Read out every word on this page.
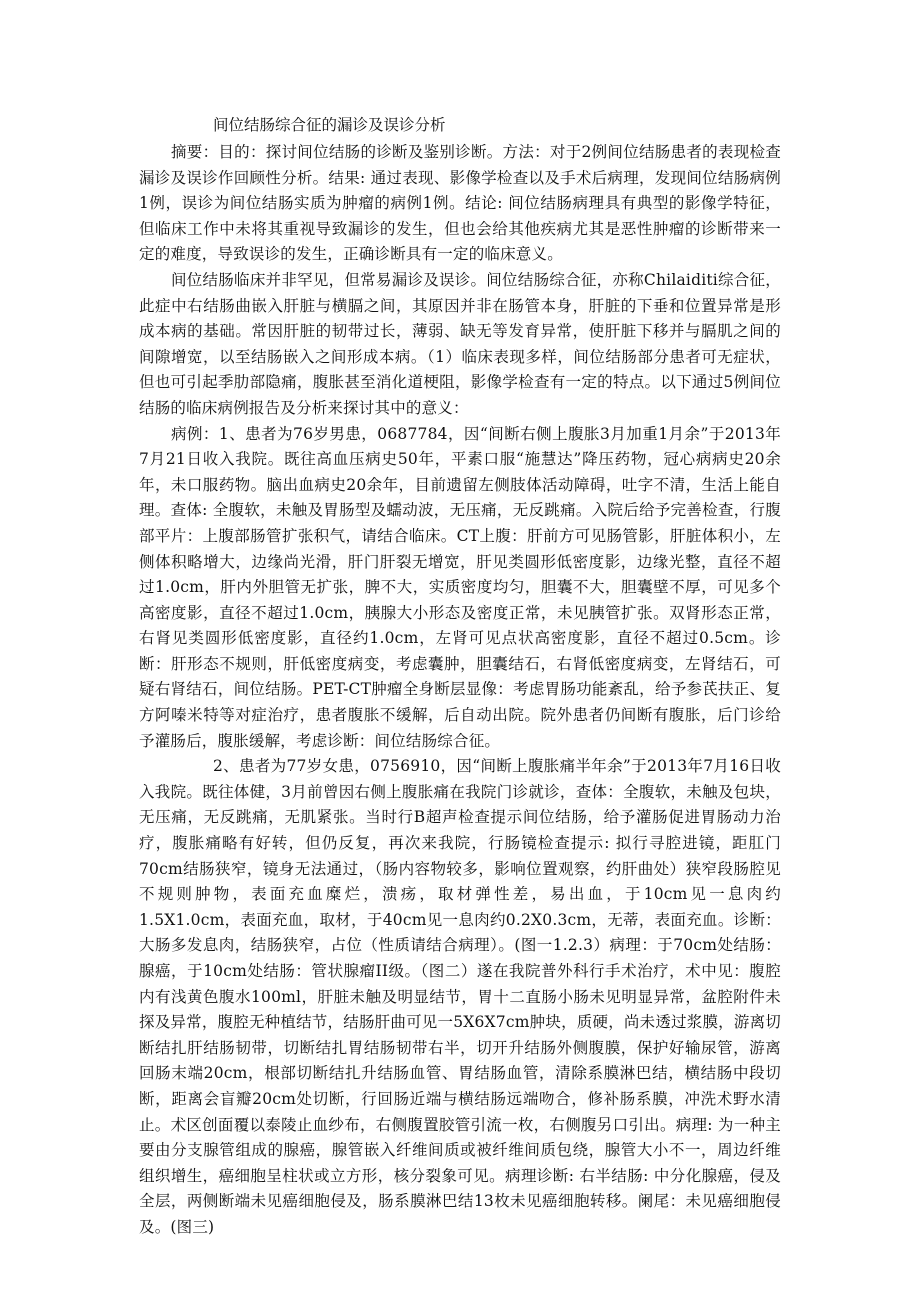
间位结肠综合征的漏诊及误诊分析

摘要：目的：探讨间位结肠的诊断及鉴别诊断。方法：对于2例间位结肠患者的表现检查漏诊及误诊作回顾性分析。结果: 通过表现、影像学检查以及手术后病理，发现间位结肠病例1例，误诊为间位结肠实质为肿瘤的病例1例。结论: 间位结肠病理具有典型的影像学特征，但临床工作中未将其重视导致漏诊的发生，但也会给其他疾病尤其是恶性肿瘤的诊断带来一定的难度，导致误诊的发生，正确诊断具有一定的临床意义。

间位结肠临床并非罕见，但常易漏诊及误诊。间位结肠综合征，亦称Chilaiditi综合征，此症中右结肠曲嵌入肝脏与横膈之间，其原因并非在肠管本身，肝脏的下垂和位置异常是形成本病的基础。常因肝脏的韧带过长，薄弱、缺无等发育异常，使肝脏下移并与膈肌之间的间隙增宽，以至结肠嵌入之间形成本病。（1）临床表现多样，间位结肠部分患者可无症状，但也可引起季肋部隐痛，腹胀甚至消化道梗阻，影像学检查有一定的特点。以下通过5例间位结肠的临床病例报告及分析来探讨其中的意义：

病例：1、患者为76岁男患，0687784，因“间断右侧上腹胀3月加重1月余”于2013年7月21日收入我院。既往高血压病史50年，平素口服“施慧达”降压药物，冠心病病史20余年，未口服药物。脑出血病史20余年，目前遗留左侧肢体活动障碍，吐字不清，生活上能自理。查体: 全腹软，未触及胃肠型及蠕动波，无压痛，无反跳痛。入院后给予完善检查，行腹部平片：上腹部肠管扩张积气，请结合临床。CT上腹：肝前方可见肠管影，肝脏体积小，左侧体积略增大，边缘尚光滑，肝门肝裂无增宽，肝见类圆形低密度影，边缘光整，直径不超过1.0cm，肝内外胆管无扩张，脾不大，实质密度均匀，胆囊不大，胆囊壁不厚，可见多个高密度影，直径不超过1.0cm，胰腺大小形态及密度正常，未见胰管扩张。双肾形态正常，右肾见类圆形低密度影，直径约1.0cm，左肾可见点状高密度影，直径不超过0.5cm。诊断：肝形态不规则，肝低密度病变，考虑囊肿，胆囊结石，右肾低密度病变，左肾结石，可疑右肾结石，间位结肠。PET-CT肿瘤全身断层显像：考虑胃肠功能紊乱，给予参芪扶正、复方阿嗪米特等对症治疗，患者腹胀不缓解，后自动出院。院外患者仍间断有腹胀，后门诊给予灌肠后，腹胀缓解，考虑诊断：间位结肠综合征。

2、患者为77岁女患，0756910，因“间断上腹胀痛半年余”于2013年7月16日收入我院。既往体健，3月前曾因右侧上腹胀痛在我院门诊就诊，查体：全腹软，未触及包块，无压痛，无反跳痛，无肌紧张。当时行B超声检查提示间位结肠，给予灌肠促进胃肠动力治疗，腹胀痛略有好转，但仍反复，再次来我院，行肠镜检查提示: 拟行寻腔进镜，距肛门70cm结肠狭窄，镜身无法通过，（肠内容物较多，影响位置观察，约肝曲处）狭窄段肠腔见不规则肿物，表面充血糜烂，溃疡，取材弹性差，易出血，于10cm见一息肉约1.5X1.0cm，表面充血，取材，于40cm见一息肉约0.2X0.3cm，无蒂，表面充血。诊断：大肠多发息肉，结肠狭窄，占位（性质请结合病理）。(图一1.2.3）病理：于70cm处结肠：腺癌，于10cm处结肠：管状腺瘤II级。（图二）遂在我院普外科行手术治疗，术中见：腹腔内有浅黄色腹水100ml，肝脏未触及明显结节，胃十二直肠小肠未见明显异常，盆腔附件未探及异常，腹腔无种植结节，结肠肝曲可见一5X6X7cm肿块，质硬，尚未透过浆膜，游离切断结扎肝结肠韧带，切断结扎胃结肠韧带右半，切开升结肠外侧腹膜，保护好输尿管，游离回肠末端20cm，根部切断结扎升结肠血管、胃结肠血管，清除系膜淋巴结，横结肠中段切断，距离会盲瓣20cm处切断，行回肠近端与横结肠远端吻合，修补肠系膜，冲洗术野水清止。术区创面覆以泰陵止血纱布，右侧腹置胶管引流一枚，右侧腹另口引出。病理: 为一种主要由分支腺管组成的腺癌，腺管嵌入纤维间质或被纤维间质包绕，腺管大小不一，周边纤维组织增生，癌细胞呈柱状或立方形，核分裂象可见。病理诊断: 右半结肠: 中分化腺癌，侵及全层，两侧断端未见癌细胞侵及，肠系膜淋巴结13枚未见癌细胞转移。阑尾：未见癌细胞侵及。(图三)
